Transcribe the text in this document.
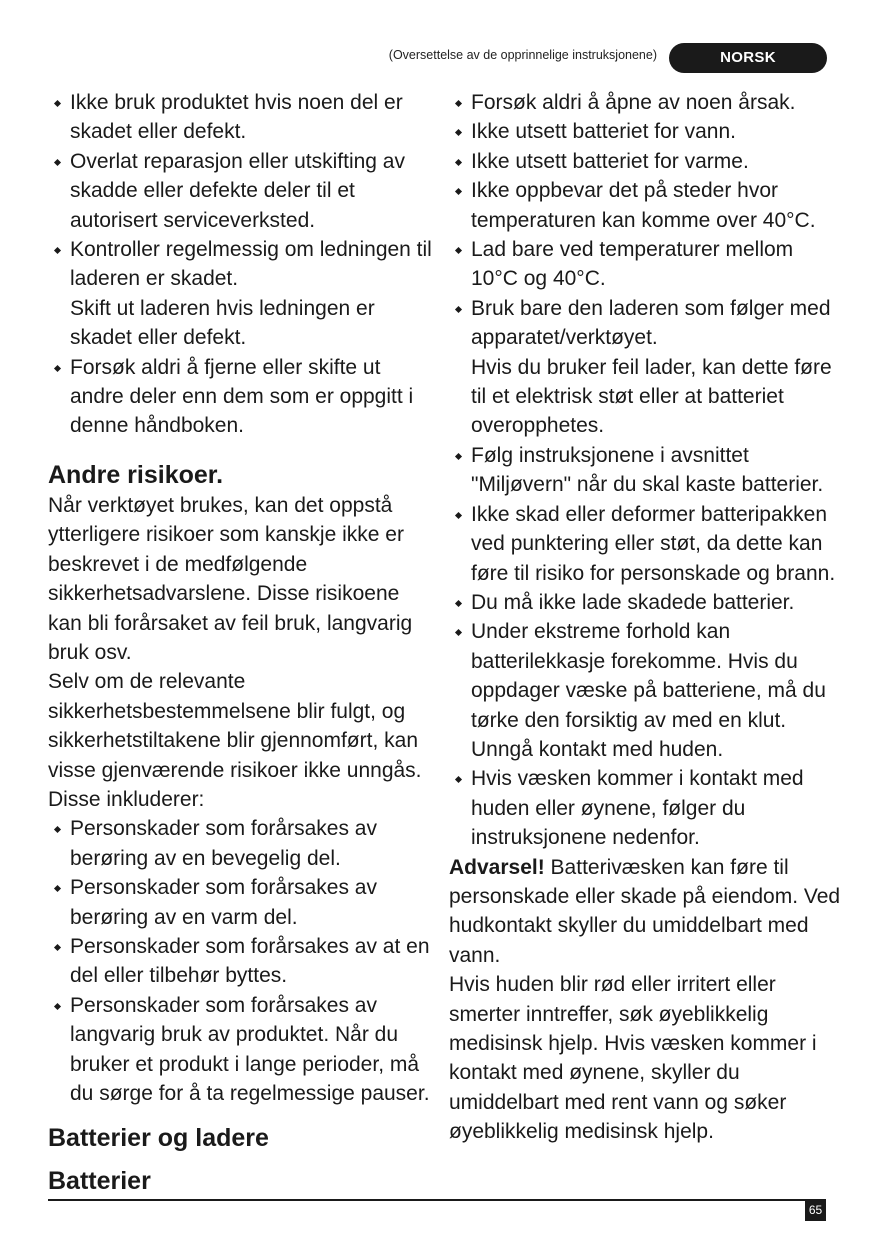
(Oversettelse av de opprinnelige instruksjonene)	NORSK
Ikke bruk produktet hvis noen del er skadet eller defekt.
Overlat reparasjon eller utskifting av skadde eller defekte deler til et autorisert serviceverksted.
Kontroller regelmessig om ledningen til laderen er skadet.
Skift ut laderen hvis ledningen er skadet eller defekt.
Forsøk aldri å fjerne eller skifte ut andre deler enn dem som er oppgitt i denne håndboken.
Andre risikoer.

Når verktøyet brukes, kan det oppstå ytterligere risikoer som kanskje ikke er beskrevet i de medfølgende sikkerhetsadvarslene. Disse risikoene kan bli forårsaket av feil bruk, langvarig bruk osv.

Selv om de relevante sikkerhetsbestemmelsene blir fulgt, og sikkerhetstiltakene blir gjennomført, kan visse gjenværende risikoer ikke unngås. Disse inkluderer:

Personskader som forårsakes av berøring av en bevegelig del.
Personskader som forårsakes av berøring av en varm del.
Personskader som forårsakes av at en del eller tilbehør byttes.
Personskader som forårsakes av langvarig bruk av produktet. Når du bruker et produkt i lange perioder, må du sørge for å ta regelmessige pauser.
Batterier og ladere
Batterier
Forsøk aldri å åpne av noen årsak.
Ikke utsett batteriet for vann.
Ikke utsett batteriet for varme.
Ikke oppbevar det på steder hvor temperaturen kan komme over 40°C.
Lad bare ved temperaturer mellom 10°C og 40°C.
Bruk bare den laderen som følger med apparatet/verktøyet.
Hvis du bruker feil lader, kan dette føre til et elektrisk støt eller at batteriet overopphetes.
Følg instruksjonene i avsnittet "Miljøvern" når du skal kaste batterier.
Ikke skad eller deformer batteripakken ved punktering eller støt, da dette kan føre til risiko for personskade og brann.
Du må ikke lade skadede batterier.
Under ekstreme forhold kan batterilekkasje forekomme. Hvis du oppdager væske på batteriene, må du tørke den forsiktig av med en klut. Unngå kontakt med huden.
Hvis væsken kommer i kontakt med huden eller øynene, følger du instruksjonene nedenfor.

Advarsel! Batterivæsken kan føre til personskade eller skade på eiendom. Ved hudkontakt skyller du umiddelbart med vann.

Hvis huden blir rød eller irritert eller smerter inntreffer, søk øyeblikkelig medisinsk hjelp. Hvis væsken kommer i kontakt med øynene, skyller du umiddelbart med rent vann og søker øyeblikkelig medisinsk hjelp.

65
